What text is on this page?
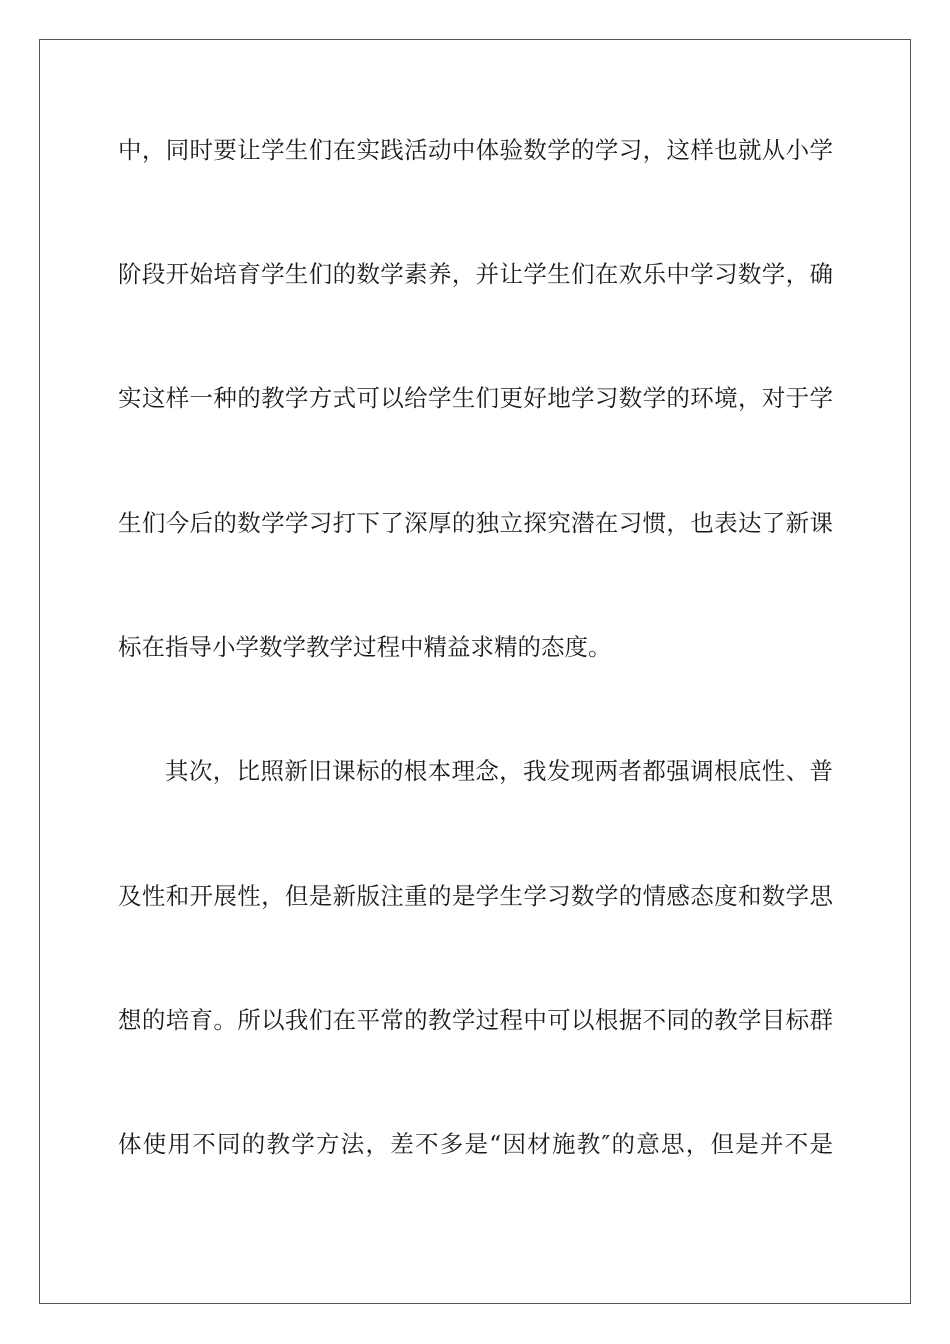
中，同时要让学生们在实践活动中体验数学的学习，这样也就从小学
阶段开始培育学生们的数学素养，并让学生们在欢乐中学习数学，确
实这样一种的教学方式可以给学生们更好地学习数学的环境，对于学
生们今后的数学学习打下了深厚的独立探究潜在习惯，也表达了新课
标在指导小学数学教学过程中精益求精的态度。
其次，比照新旧课标的根本理念，我发现两者都强调根底性、普
及性和开展性，但是新版注重的是学生学习数学的情感态度和数学思
想的培育。所以我们在平常的教学过程中可以根据不同的教学目标群
体使用不同的教学方法，差不多是“因材施教″的意思，但是并不是
